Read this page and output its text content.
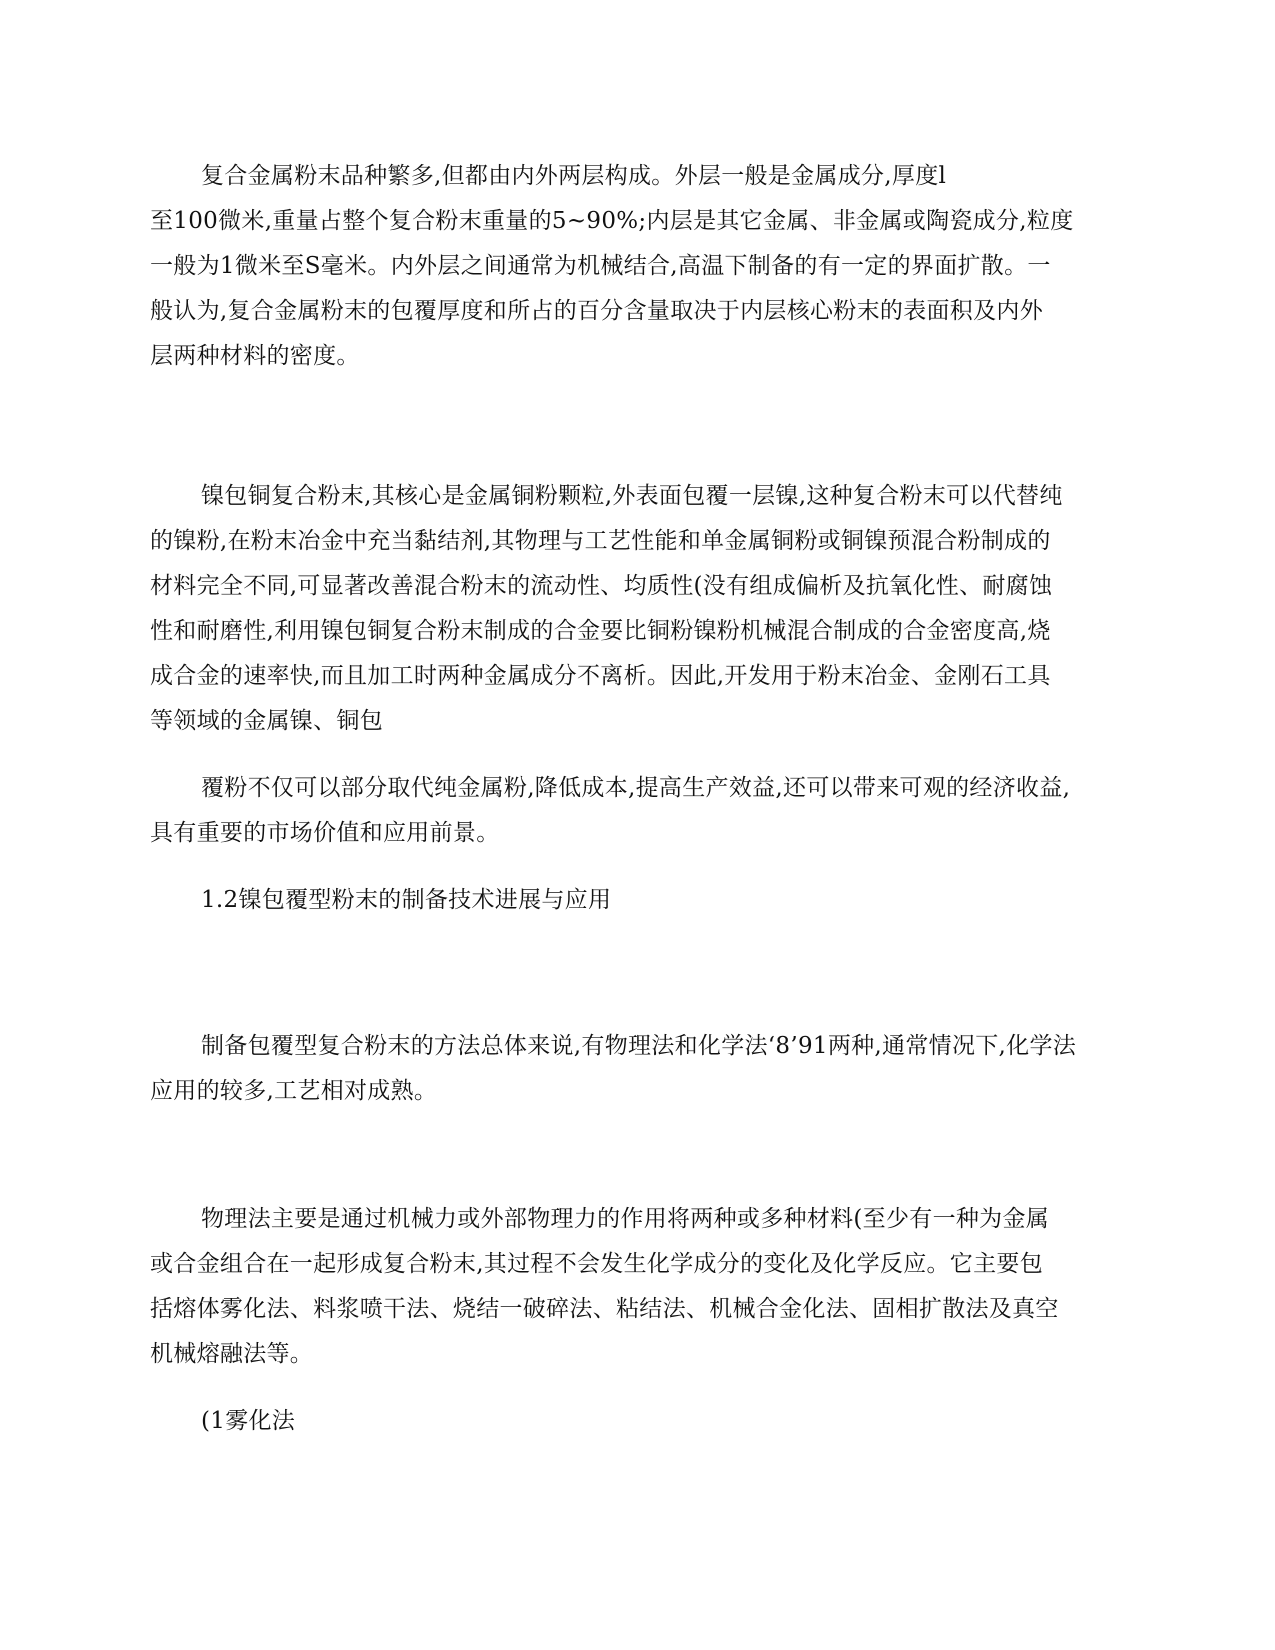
复合金属粉末品种繁多,但都由内外两层构成。外层一般是金属成分,厚度l
至100微米,重量占整个复合粉末重量的5~90%;内层是其它金属、非金属或陶瓷成分,粒度
一般为1微米至S毫米。内外层之间通常为机械结合,高温下制备的有一定的界面扩散。一
般认为,复合金属粉末的包覆厚度和所占的百分含量取决于内层核心粉末的表面积及内外
层两种材料的密度。
镍包铜复合粉末,其核心是金属铜粉颗粒,外表面包覆一层镍,这种复合粉末可以代替纯
的镍粉,在粉末冶金中充当黏结剂,其物理与工艺性能和单金属铜粉或铜镍预混合粉制成的
材料完全不同,可显著改善混合粉末的流动性、均质性(没有组成偏析及抗氧化性、耐腐蚀
性和耐磨性,利用镍包铜复合粉末制成的合金要比铜粉镍粉机械混合制成的合金密度高,烧
成合金的速率快,而且加工时两种金属成分不离析。因此,开发用于粉末冶金、金刚石工具
等领域的金属镍、铜包
覆粉不仅可以部分取代纯金属粉,降低成本,提高生产效益,还可以带来可观的经济收益,
具有重要的市场价值和应用前景。
1.2镍包覆型粉末的制备技术进展与应用
制备包覆型复合粉末的方法总体来说,有物理法和化学法‘8’91两种,通常情况下,化学法
应用的较多,工艺相对成熟。
物理法主要是通过机械力或外部物理力的作用将两种或多种材料(至少有一种为金属
或合金组合在一起形成复合粉末,其过程不会发生化学成分的变化及化学反应。它主要包
括熔体雾化法、料浆喷干法、烧结一破碎法、粘结法、机械合金化法、固相扩散法及真空
机械熔融法等。
(1雾化法
